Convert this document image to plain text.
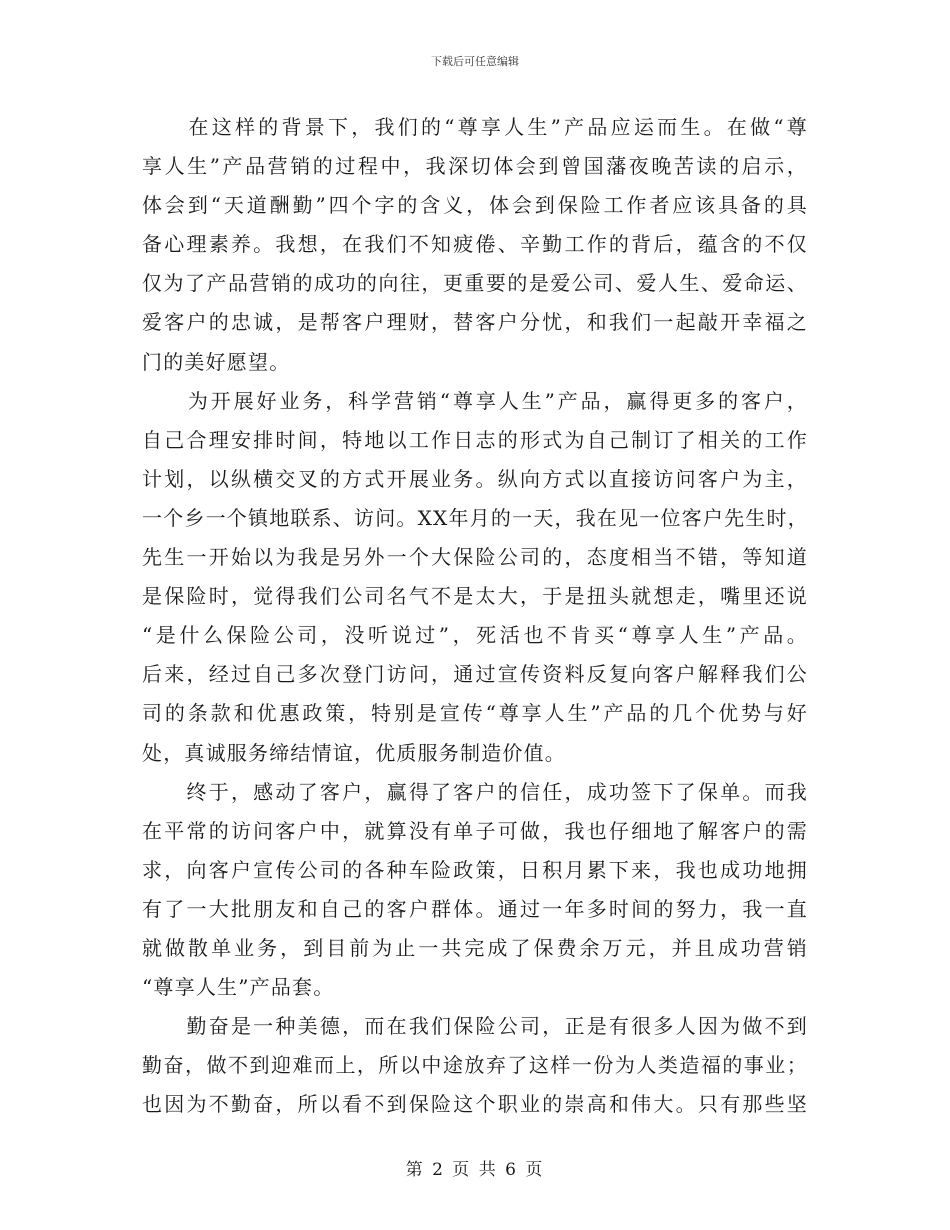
下载后可任意编辑
　　在这样的背景下，我们的“尊享人生”产品应运而生。在做“尊
享人生”产品营销的过程中，我深切体会到曾国藩夜晚苦读的启示，
体会到“天道酬勤”四个字的含义，体会到保险工作者应该具备的具
备心理素养。我想，在我们不知疲倦、辛勤工作的背后，蕴含的不仅
仅为了产品营销的成功的向往，更重要的是爱公司、爱人生、爱命运、
爱客户的忠诚，是帮客户理财，替客户分忧，和我们一起敲开幸福之
门的美好愿望。
　　为开展好业务，科学营销“尊享人生”产品，赢得更多的客户，
自己合理安排时间，特地以工作日志的形式为自己制订了相关的工作
计划，以纵横交叉的方式开展业务。纵向方式以直接访问客户为主，
一个乡一个镇地联系、访问。XX年月的一天，我在见一位客户先生时，
先生一开始以为我是另外一个大保险公司的，态度相当不错，等知道
是保险时，觉得我们公司名气不是太大，于是扭头就想走，嘴里还说
“是什么保险公司，没听说过”，死活也不肯买“尊享人生”产品。
后来，经过自己多次登门访问，通过宣传资料反复向客户解释我们公
司的条款和优惠政策，特别是宣传“尊享人生”产品的几个优势与好
处，真诚服务缔结情谊，优质服务制造价值。
　　终于，感动了客户，赢得了客户的信任，成功签下了保单。而我
在平常的访问客户中，就算没有单子可做，我也仔细地了解客户的需
求，向客户宣传公司的各种车险政策，日积月累下来，我也成功地拥
有了一大批朋友和自己的客户群体。通过一年多时间的努力，我一直
就做散单业务，到目前为止一共完成了保费余万元，并且成功营销
“尊享人生”产品套。
　　勤奋是一种美德，而在我们保险公司，正是有很多人因为做不到
勤奋，做不到迎难而上，所以中途放弃了这样一份为人类造福的事业；
也因为不勤奋，所以看不到保险这个职业的崇高和伟大。只有那些坚
第 2 页 共 6 页
